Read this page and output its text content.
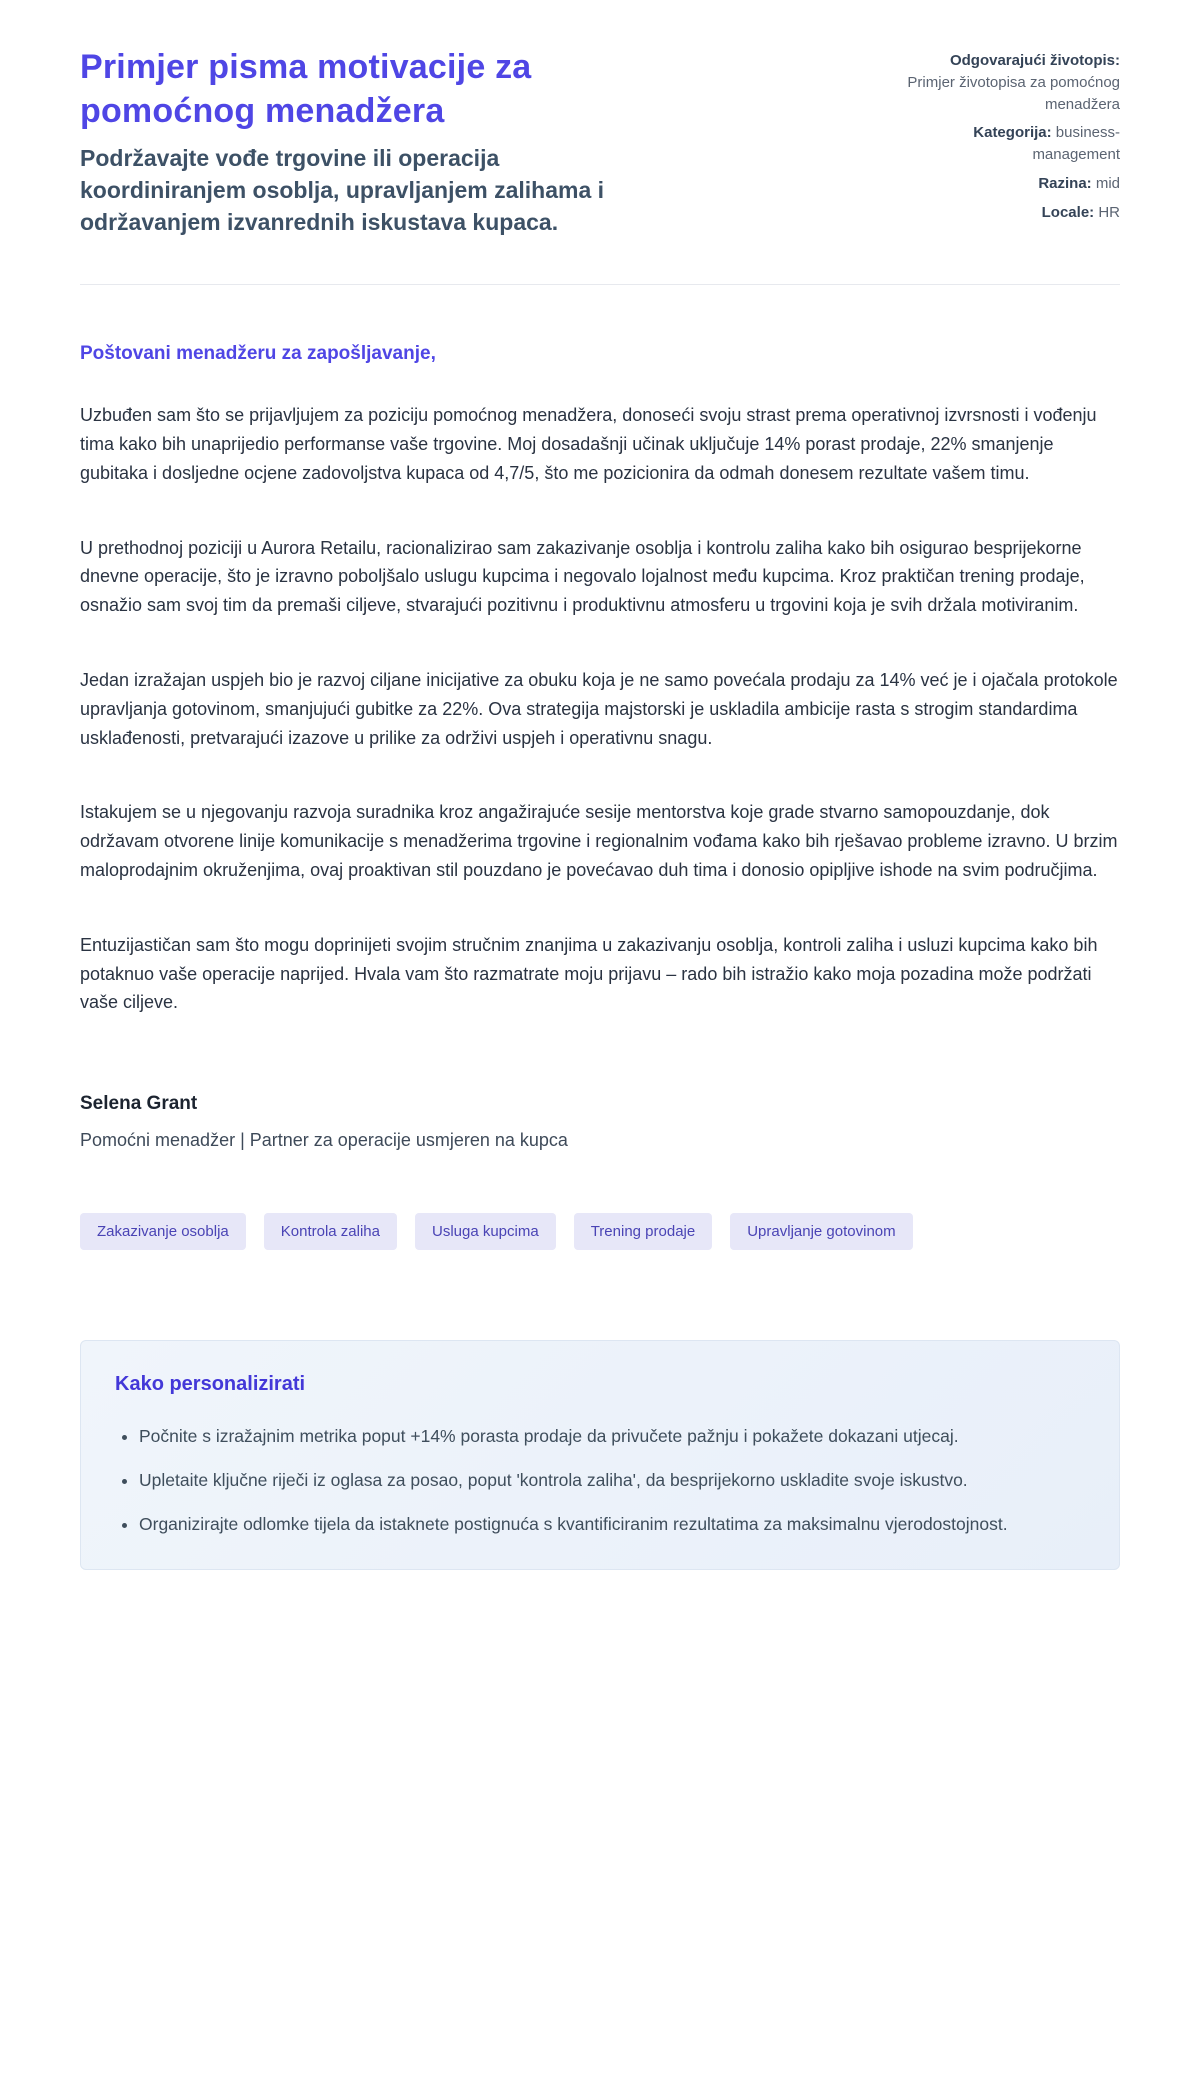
Primjer pisma motivacije za pomoćnog menadžera

Podržavajte vođe trgovine ili operacija koordiniranjem osoblja, upravljanjem zalihama i održavanjem izvanrednih iskustava kupaca.

Odgovarajući životopis: Primjer životopisa za pomoćnog menadžera
Kategorija: business-management
Razina: mid
Locale: HR

Poštovani menadžeru za zapošljavanje,

Uzbuđen sam što se prijavljujem za poziciju pomoćnog menadžera, donoseći svoju strast prema operativnoj izvrsnosti i vođenju tima kako bih unaprijedio performanse vaše trgovine. Moj dosadašnji učinak uključuje 14% porast prodaje, 22% smanjenje gubitaka i dosljedne ocjene zadovoljstva kupaca od 4,7/5, što me pozicionira da odmah donesem rezultate vašem timu.

U prethodnoj poziciji u Aurora Retailu, racionalizirao sam zakazivanje osoblja i kontrolu zaliha kako bih osigurao besprijekorne dnevne operacije, što je izravno poboljšalo uslugu kupcima i negovalo lojalnost među kupcima. Kroz praktičan trening prodaje, osnažio sam svoj tim da premaši ciljeve, stvarajući pozitivnu i produktivnu atmosferu u trgovini koja je svih držala motiviranim.

Jedan izražajan uspjeh bio je razvoj ciljane inicijative za obuku koja je ne samo povećala prodaju za 14% već je i ojačala protokole upravljanja gotovinom, smanjujući gubitke za 22%. Ova strategija majstorski je uskladila ambicije rasta s strogim standardima usklađenosti, pretvarajući izazove u prilike za održivi uspjeh i operativnu snagu.

Istakujem se u njegovanju razvoja suradnika kroz angažirajuće sesije mentorstva koje grade stvarno samopouzdanje, dok održavam otvorene linije komunikacije s menadžerima trgovine i regionalnim vođama kako bih rješavao probleme izravno. U brzim maloprodajnim okruženjima, ovaj proaktivan stil pouzdano je povećavao duh tima i donosio opipljive ishode na svim područjima.

Entuzijastičan sam što mogu doprinijeti svojim stručnim znanjima u zakazivanju osoblja, kontroli zaliha i usluzi kupcima kako bih potaknuo vaše operacije naprijed. Hvala vam što razmatrate moju prijavu – rado bih istražio kako moja pozadina može podržati vaše ciljeve.

Selena Grant

Pomoćni menadžer | Partner za operacije usmjeren na kupca

Zakazivanje osoblja	Kontrola zaliha	Usluga kupcima	Trening prodaje	Upravljanje gotovinom
Kako personalizirati
• Počnite s izražajnim metrika poput +14% porasta prodaje da privučete pažnju i pokažete dokazani utjecaj.
• Upletaite ključne riječi iz oglasa za posao, poput 'kontrola zaliha', da besprijekorno uskladite svoje iskustvo.
• Organizirajte odlomke tijela da istaknete postignuća s kvantificiranim rezultatima za maksimalnu vjerodostojnost.
